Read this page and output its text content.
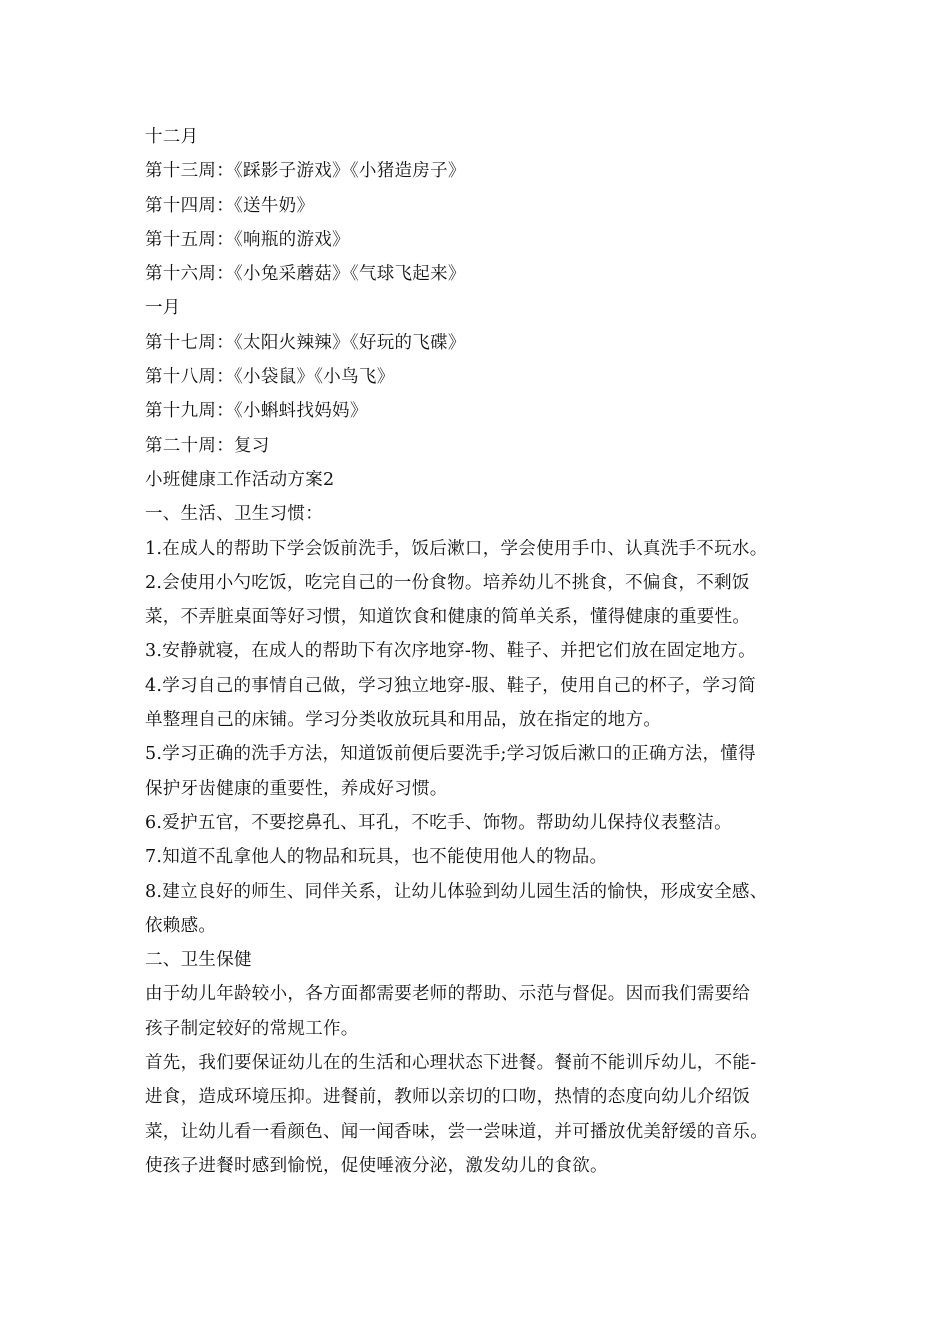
十二月
第十三周：《踩影子游戏》《小猪造房子》
第十四周：《送牛奶》
第十五周：《响瓶的游戏》
第十六周：《小兔采蘑菇》《气球飞起来》
一月
第十七周：《太阳火辣辣》《好玩的飞碟》
第十八周：《小袋鼠》《小鸟飞》
第十九周：《小蝌蚪找妈妈》
第二十周：复习
小班健康工作活动方案2
一、生活、卫生习惯：
1.在成人的帮助下学会饭前洗手，饭后漱口，学会使用手巾、认真洗手不玩水。
2.会使用小勺吃饭，吃完自己的一份食物。培养幼儿不挑食，不偏食，不剩饭
菜，不弄脏桌面等好习惯，知道饮食和健康的简单关系，懂得健康的重要性。
3.安静就寝，在成人的帮助下有次序地穿-物、鞋子、并把它们放在固定地方。
4.学习自己的事情自己做，学习独立地穿-服、鞋子，使用自己的杯子，学习简
单整理自己的床铺。学习分类收放玩具和用品，放在指定的地方。
5.学习正确的洗手方法，知道饭前便后要洗手;学习饭后漱口的正确方法，懂得
保护牙齿健康的重要性，养成好习惯。
6.爱护五官，不要挖鼻孔、耳孔，不吃手、饰物。帮助幼儿保持仪表整洁。
7.知道不乱拿他人的物品和玩具，也不能使用他人的物品。
8.建立良好的师生、同伴关系，让幼儿体验到幼儿园生活的愉快，形成安全感、
依赖感。
二、卫生保健
由于幼儿年龄较小，各方面都需要老师的帮助、示范与督促。因而我们需要给
孩子制定较好的常规工作。
首先，我们要保证幼儿在的生活和心理状态下进餐。餐前不能训斥幼儿，不能-
进食，造成环境压抑。进餐前，教师以亲切的口吻，热情的态度向幼儿介绍饭
菜，让幼儿看一看颜色、闻一闻香味，尝一尝味道，并可播放优美舒缓的音乐。
使孩子进餐时感到愉悦，促使唾液分泌，激发幼儿的食欲。
